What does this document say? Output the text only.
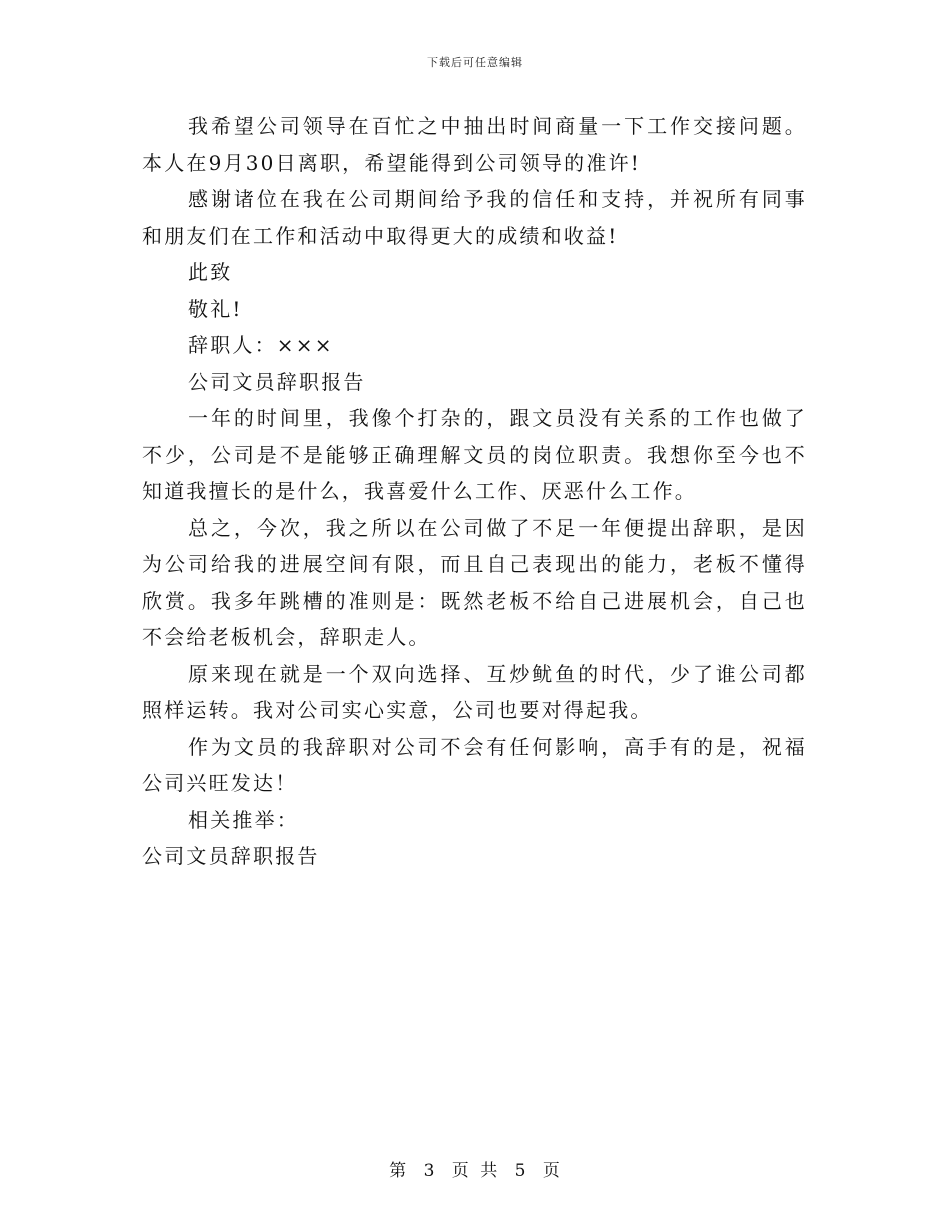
下载后可任意编辑

我希望公司领导在百忙之中抽出时间商量一下工作交接问题。本人在9月30日离职，希望能得到公司领导的准许!

感谢诸位在我在公司期间给予我的信任和支持，并祝所有同事和朋友们在工作和活动中取得更大的成绩和收益!

此致

敬礼!

辞职人：×××

公司文员辞职报告

一年的时间里，我像个打杂的，跟文员没有关系的工作也做了不少，公司是不是能够正确理解文员的岗位职责。我想你至今也不知道我擅长的是什么，我喜爱什么工作、厌恶什么工作。

总之，今次，我之所以在公司做了不足一年便提出辞职，是因为公司给我的进展空间有限，而且自己表现出的能力，老板不懂得欣赏。我多年跳槽的准则是：既然老板不给自己进展机会，自己也不会给老板机会，辞职走人。

原来现在就是一个双向选择、互炒鱿鱼的时代，少了谁公司都照样运转。我对公司实心实意，公司也要对得起我。

作为文员的我辞职对公司不会有任何影响，高手有的是，祝福公司兴旺发达！

相关推举：

公司文员辞职报告

第 3 页 共 5 页
